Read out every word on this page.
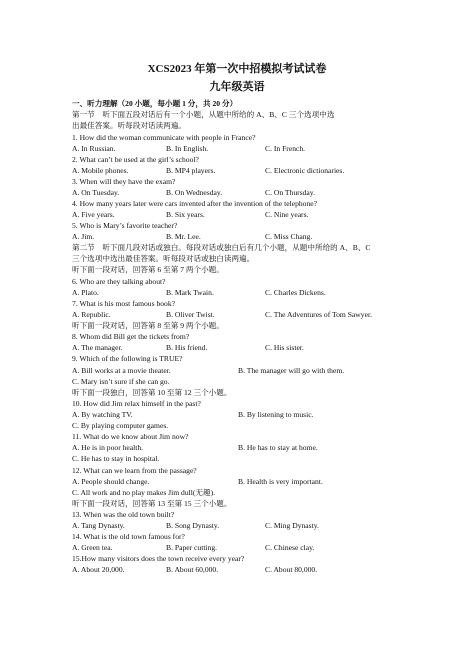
XCS2023 年第一次中招模拟考试试卷
九年级英语
一、听力理解（20 小题，每小题 1 分，共 20 分）
第一节　听下面五段对话后有一个小题，从题中所给的 A、B、C 三个选项中选
出最佳答案。听每段对话读两遍。
1. How did the woman communicate with people in France?
A. In Russian.	B. In English.	C. In French.
2. What can’t be used at the girl’s school?
A. Mobile phones.	B. MP4 players.	C. Electronic dictionaries.
3. When will they have the exam?
A. On Tuesday.	B. On Wednesday.	C. On Thursday.
4. How many years later were cars invented after the invention of the telephone?
A. Five years.	B. Six years.	C. Nine years.
5. Who is Mary’s favorite teacher?
A. Jim.	B. Mr. Lee.	C. Miss Chang.
第二节　听下面几段对话或独白。每段对话或独白后有几个小题，从题中所给的 A、B、C
三个选项中选出最佳答案。听每段对话或独白读两遍。
听下面一段对话，回答第 6 至第 7 两个小题。
6. Who are they talking about?
A. Plato.	B. Mark Twain.	C. Charles Dickens.
7. What is his most famous book?
A. Republic.	B. Oliver Twist.	C. The Adventures of Tom Sawyer.
听下面一段对话，回答第 8 至第 9 两个小题。
8. Whom did Bill get the tickets from?
A. The manager.	B. His friend.	C. His sister.
9. Which of the following is TRUE?
A. Bill works at a movie theater.	B. The manager will go with them.
C. Mary isn’t sure if she can go.
听下面一段独白，回答第 10 至第 12 三个小题。
10. How did Jim relax himself in the past?
A. By watching TV.	B. By listening to music.
C. By playing computer games.
11. What do we know about Jim now?
A. He is in poor health.	B. He has to stay at home.
C. He has to stay in hospital.
12. What can we learn from the passage?
A. People should change.	B. Health is very important.
C. All work and no play makes Jim dull(无趣).
听下面一段对话，回答第 13 至第 15 三个小题。
13. When was the old town built?
A. Tang Dynasty.	B. Song Dynasty.	C. Ming Dynasty.
14. What is the old town famous for?
A. Green tea.	B. Paper cutting.	C. Chinese clay.
15.How many visitors does the town receive every year?
A. About 20,000.	B. About 60,000.	C. About 80,000.
